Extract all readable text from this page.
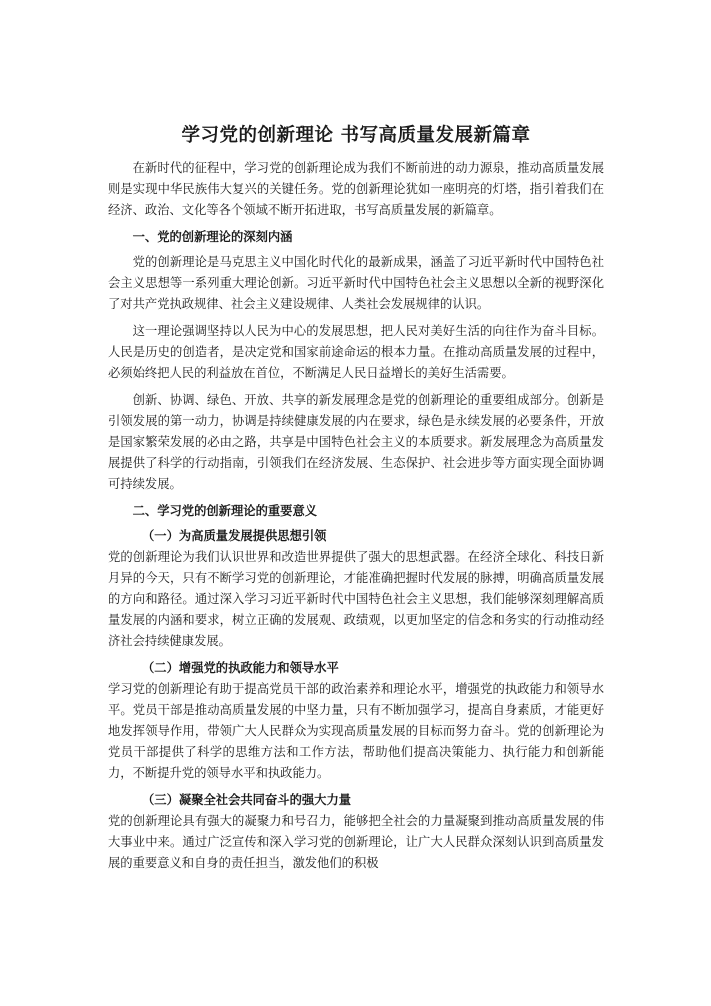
学习党的创新理论 书写高质量发展新篇章

在新时代的征程中，学习党的创新理论成为我们不断前进的动力源泉，推动高质量发展则是实现中华民族伟大复兴的关键任务。党的创新理论犹如一座明亮的灯塔，指引着我们在经济、政治、文化等各个领域不断开拓进取，书写高质量发展的新篇章。

一、党的创新理论的深刻内涵

党的创新理论是马克思主义中国化时代化的最新成果，涵盖了习近平新时代中国特色社会主义思想等一系列重大理论创新。习近平新时代中国特色社会主义思想以全新的视野深化了对共产党执政规律、社会主义建设规律、人类社会发展规律的认识。

这一理论强调坚持以人民为中心的发展思想，把人民对美好生活的向往作为奋斗目标。人民是历史的创造者，是决定党和国家前途命运的根本力量。在推动高质量发展的过程中，必须始终把人民的利益放在首位，不断满足人民日益增长的美好生活需要。

创新、协调、绿色、开放、共享的新发展理念是党的创新理论的重要组成部分。创新是引领发展的第一动力，协调是持续健康发展的内在要求，绿色是永续发展的必要条件，开放是国家繁荣发展的必由之路，共享是中国特色社会主义的本质要求。新发展理念为高质量发展提供了科学的行动指南，引领我们在经济发展、生态保护、社会进步等方面实现全面协调可持续发展。

二、学习党的创新理论的重要意义
（一）为高质量发展提供思想引领

党的创新理论为我们认识世界和改造世界提供了强大的思想武器。在经济全球化、科技日新月异的今天，只有不断学习党的创新理论，才能准确把握时代发展的脉搏，明确高质量发展的方向和路径。通过深入学习习近平新时代中国特色社会主义思想，我们能够深刻理解高质量发展的内涵和要求，树立正确的发展观、政绩观，以更加坚定的信念和务实的行动推动经济社会持续健康发展。

（二）增强党的执政能力和领导水平

学习党的创新理论有助于提高党员干部的政治素养和理论水平，增强党的执政能力和领导水平。党员干部是推动高质量发展的中坚力量，只有不断加强学习，提高自身素质，才能更好地发挥领导作用，带领广大人民群众为实现高质量发展的目标而努力奋斗。党的创新理论为党员干部提供了科学的思维方法和工作方法，帮助他们提高决策能力、执行能力和创新能力，不断提升党的领导水平和执政能力。

（三）凝聚全社会共同奋斗的强大力量

党的创新理论具有强大的凝聚力和号召力，能够把全社会的力量凝聚到推动高质量发展的伟大事业中来。通过广泛宣传和深入学习党的创新理论，让广大人民群众深刻认识到高质量发展的重要意义和自身的责任担当，激发他们的积极
